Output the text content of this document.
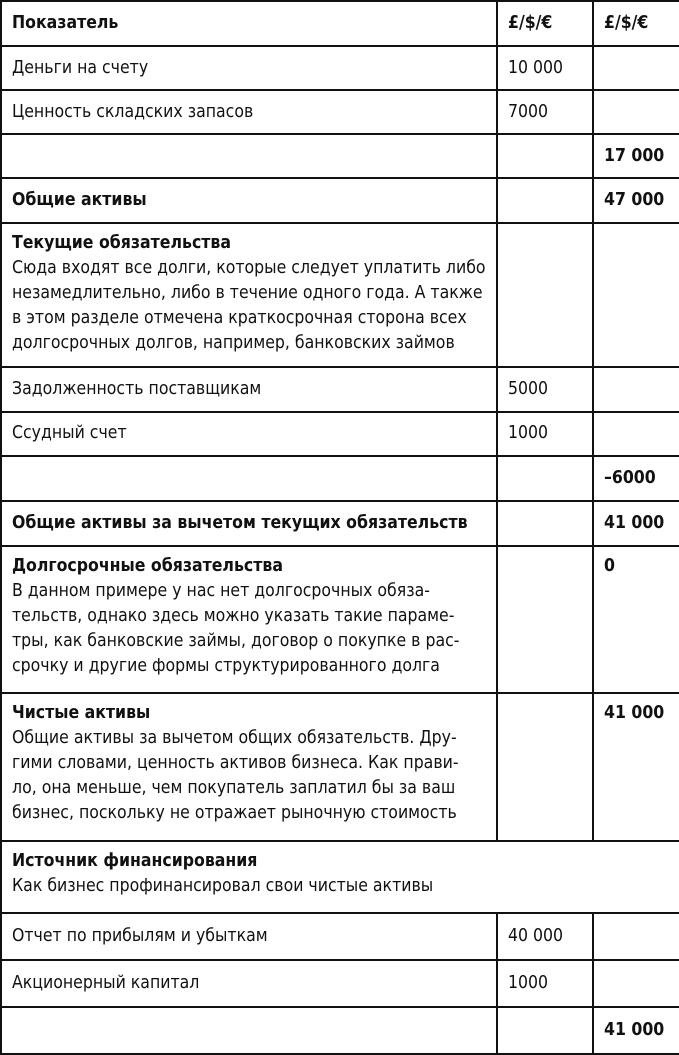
Показатель	£/$/€	£/$/€
Деньги на счету	10 000	
Ценность складских запасов	7000	
		17 000
Общие активы		47 000

Текущие обязательства
Сюда входят все долги, которые следует уплатить либо
незамедлительно, либо в течение одного года. А также
в этом разделе отмечена краткосрочная сторона всех
долгосрочных долгов, например, банковских займов		

Задолженность поставщикам	5000	
Ссудный счет	1000	
		–6000
Общие активы за вычетом текущих обязательств		41 000

Долгосрочные обязательства
В данном примере у нас нет долгосрочных обяза-
тельств, однако здесь можно указать такие параме-
тры, как банковские займы, договор о покупке в рас-
срочку и другие формы структурированного долга		0

Чистые активы
Общие активы за вычетом общих обязательств. Дру-
гими словами, ценность активов бизнеса. Как прави-
ло, она меньше, чем покупатель заплатил бы за ваш
бизнес, поскольку не отражает рыночную стоимость		41 000

Источник финансирования
Как бизнес профинансировал свои чистые активы		

Отчет по прибылям и убыткам	40 000	
Акционерный капитал	1000	
		41 000
